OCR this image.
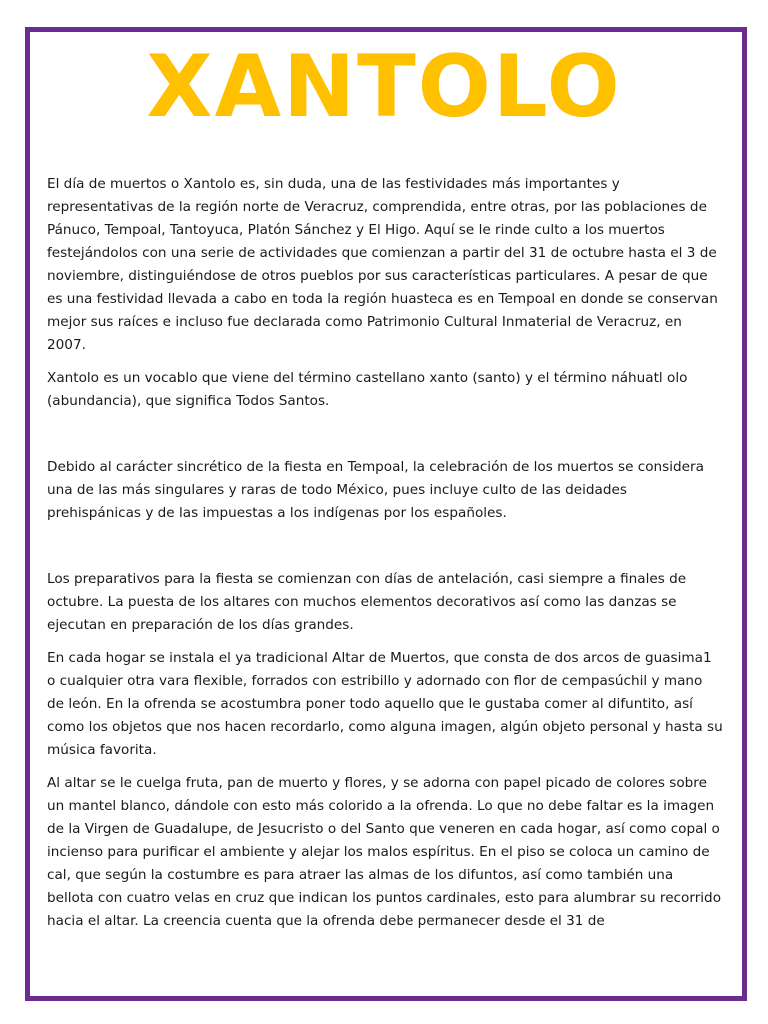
XANTOLO

El día de muertos o Xantolo es, sin duda, una de las festividades más importantes y representativas de la región norte de Veracruz, comprendida, entre otras, por las poblaciones de Pánuco, Tempoal, Tantoyuca, Platón Sánchez y El Higo. Aquí se le rinde culto a los muertos festejándolos con una serie de actividades que comienzan a partir del 31 de octubre hasta el 3 de noviembre, distinguiéndose de otros pueblos por sus características particulares. A pesar de que es una festividad llevada a cabo en toda la región huasteca es en Tempoal en donde se conservan mejor sus raíces e incluso fue declarada como Patrimonio Cultural Inmaterial de Veracruz, en 2007.

Xantolo es un vocablo que viene del término castellano xanto (santo) y el término náhuatl olo (abundancia), que significa Todos Santos.

Debido al carácter sincrético de la fiesta en Tempoal, la celebración de los muertos se considera una de las más singulares y raras de todo México, pues incluye culto de las deidades prehispánicas y de las impuestas a los indígenas por los españoles.

Los preparativos para la fiesta se comienzan con días de antelación, casi siempre a finales de octubre. La puesta de los altares con muchos elementos decorativos así como las danzas se ejecutan en preparación de los días grandes.

En cada hogar se instala el ya tradicional Altar de Muertos, que consta de dos arcos de guasima1 o cualquier otra vara flexible, forrados con estribillo y adornado con flor de cempasúchil y mano de león. En la ofrenda se acostumbra poner todo aquello que le gustaba comer al difuntito, así como los objetos que nos hacen recordarlo, como alguna imagen, algún objeto personal y hasta su música favorita.

Al altar se le cuelga fruta, pan de muerto y flores, y se adorna con papel picado de colores sobre un mantel blanco, dándole con esto más colorido a la ofrenda. Lo que no debe faltar es la imagen de la Virgen de Guadalupe, de Jesucristo o del Santo que veneren en cada hogar, así como copal o incienso para purificar el ambiente y alejar los malos espíritus. En el piso se coloca un camino de cal, que según la costumbre es para atraer las almas de los difuntos, así como también una bellota con cuatro velas en cruz que indican los puntos cardinales, esto para alumbrar su recorrido hacia el altar. La creencia cuenta que la ofrenda debe permanecer desde el 31 de
